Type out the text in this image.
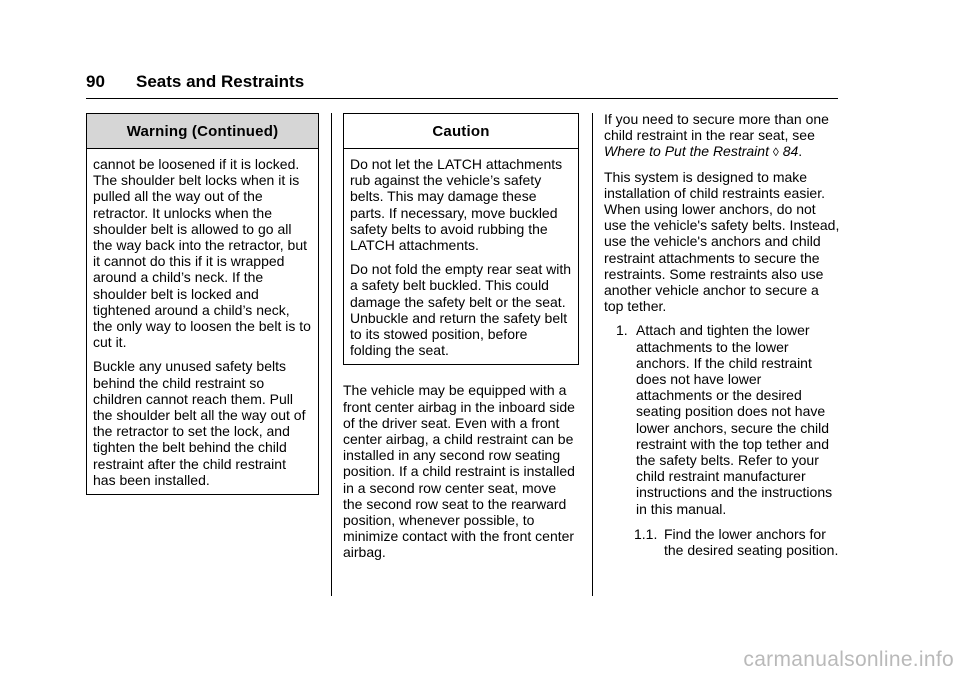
90 Seats and Restraints
Warning (Continued)

cannot be loosened if it is locked. The shoulder belt locks when it is pulled all the way out of the retractor. It unlocks when the shoulder belt is allowed to go all the way back into the retractor, but it cannot do this if it is wrapped around a child’s neck. If the shoulder belt is locked and tightened around a child’s neck, the only way to loosen the belt is to cut it.

Buckle any unused safety belts behind the child restraint so children cannot reach them. Pull the shoulder belt all the way out of the retractor to set the lock, and tighten the belt behind the child restraint after the child restraint has been installed.

Caution

Do not let the LATCH attachments rub against the vehicle’s safety belts. This may damage these parts. If necessary, move buckled safety belts to avoid rubbing the LATCH attachments.

Do not fold the empty rear seat with a safety belt buckled. This could damage the safety belt or the seat. Unbuckle and return the safety belt to its stowed position, before folding the seat.

The vehicle may be equipped with a front center airbag in the inboard side of the driver seat. Even with a front center airbag, a child restraint can be installed in any second row seating position. If a child restraint is installed in a second row center seat, move the second row seat to the rearward position, whenever possible, to minimize contact with the front center airbag.

If you need to secure more than one child restraint in the rear seat, see Where to Put the Restraint ◊ 84.

This system is designed to make installation of child restraints easier. When using lower anchors, do not use the vehicle's safety belts. Instead, use the vehicle's anchors and child restraint attachments to secure the restraints. Some restraints also use another vehicle anchor to secure a top tether.

1. Attach and tighten the lower attachments to the lower anchors. If the child restraint does not have lower attachments or the desired seating position does not have lower anchors, secure the child restraint with the top tether and the safety belts. Refer to your child restraint manufacturer instructions and the instructions in this manual.
1.1. Find the lower anchors for the desired seating position.
carmanualsonline.info
